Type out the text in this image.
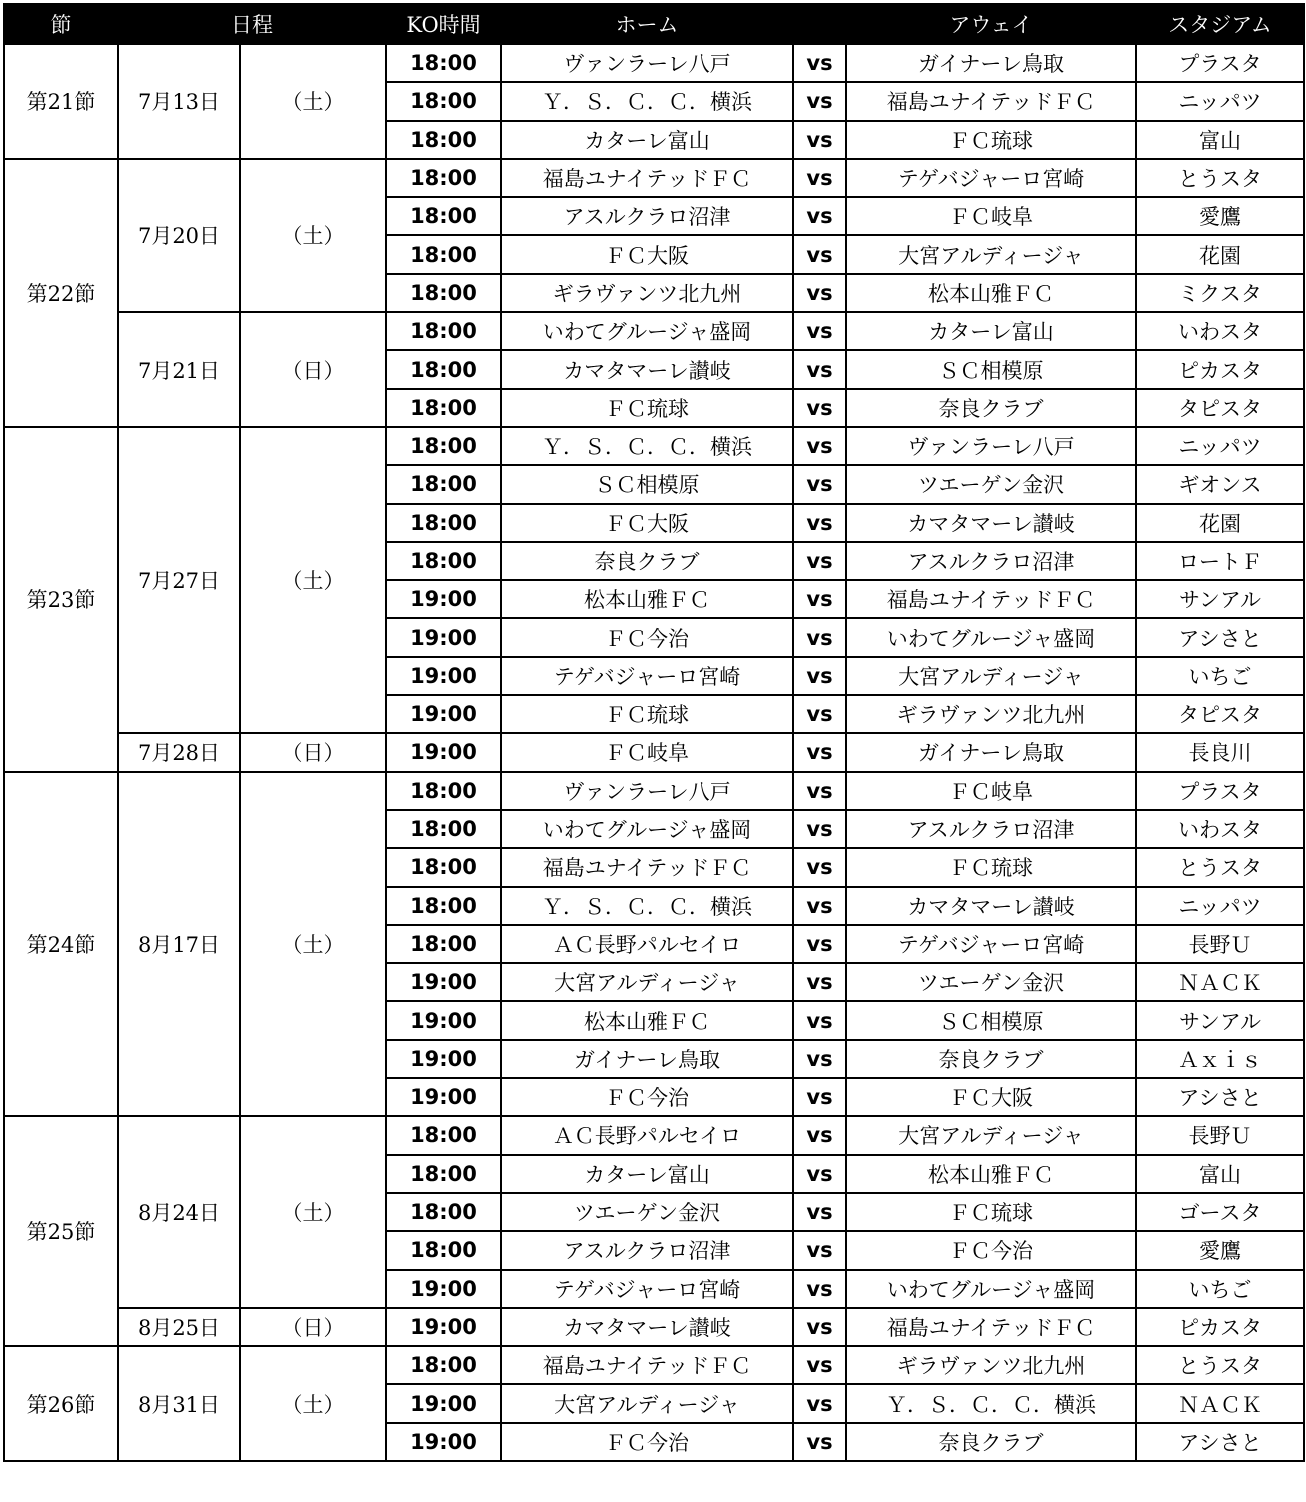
節	日程		KO時間	ホーム		アウェイ	スタジアム
第21節	7月13日	（土）	18:00	ヴァンラーレ八戸	vs	ガイナーレ鳥取	プラスタ
			18:00	Ｙ．Ｓ．Ｃ．Ｃ．横浜	vs	福島ユナイテッドＦＣ	ニッパツ
			18:00	カターレ富山	vs	ＦＣ琉球	富山
第22節	7月20日	（土）	18:00	福島ユナイテッドＦＣ	vs	テゲバジャーロ宮崎	とうスタ
			18:00	アスルクラロ沼津	vs	ＦＣ岐阜	愛鷹
			18:00	ＦＣ大阪	vs	大宮アルディージャ	花園
			18:00	ギラヴァンツ北九州	vs	松本山雅ＦＣ	ミクスタ
	7月21日	（日）	18:00	いわてグルージャ盛岡	vs	カターレ富山	いわスタ
			18:00	カマタマーレ讃岐	vs	ＳＣ相模原	ピカスタ
			18:00	ＦＣ琉球	vs	奈良クラブ	タピスタ
第23節	7月27日	（土）	18:00	Ｙ．Ｓ．Ｃ．Ｃ．横浜	vs	ヴァンラーレ八戸	ニッパツ
			18:00	ＳＣ相模原	vs	ツエーゲン金沢	ギオンス
			18:00	ＦＣ大阪	vs	カマタマーレ讃岐	花園
			18:00	奈良クラブ	vs	アスルクラロ沼津	ロートＦ
			19:00	松本山雅ＦＣ	vs	福島ユナイテッドＦＣ	サンアル
			19:00	ＦＣ今治	vs	いわてグルージャ盛岡	アシさと
			19:00	テゲバジャーロ宮崎	vs	大宮アルディージャ	いちご
			19:00	ＦＣ琉球	vs	ギラヴァンツ北九州	タピスタ
	7月28日	（日）	19:00	ＦＣ岐阜	vs	ガイナーレ鳥取	長良川
第24節	8月17日	（土）	18:00	ヴァンラーレ八戸	vs	ＦＣ岐阜	プラスタ
			18:00	いわてグルージャ盛岡	vs	アスルクラロ沼津	いわスタ
			18:00	福島ユナイテッドＦＣ	vs	ＦＣ琉球	とうスタ
			18:00	Ｙ．Ｓ．Ｃ．Ｃ．横浜	vs	カマタマーレ讃岐	ニッパツ
			18:00	ＡＣ長野パルセイロ	vs	テゲバジャーロ宮崎	長野Ｕ
			19:00	大宮アルディージャ	vs	ツエーゲン金沢	ＮＡＣＫ
			19:00	松本山雅ＦＣ	vs	ＳＣ相模原	サンアル
			19:00	ガイナーレ鳥取	vs	奈良クラブ	Ａｘｉｓ
			19:00	ＦＣ今治	vs	ＦＣ大阪	アシさと
第25節	8月24日	（土）	18:00	ＡＣ長野パルセイロ	vs	大宮アルディージャ	長野Ｕ
			18:00	カターレ富山	vs	松本山雅ＦＣ	富山
			18:00	ツエーゲン金沢	vs	ＦＣ琉球	ゴースタ
			18:00	アスルクラロ沼津	vs	ＦＣ今治	愛鷹
			19:00	テゲバジャーロ宮崎	vs	いわてグルージャ盛岡	いちご
	8月25日	（日）	19:00	カマタマーレ讃岐	vs	福島ユナイテッドＦＣ	ピカスタ
第26節	8月31日	（土）	18:00	福島ユナイテッドＦＣ	vs	ギラヴァンツ北九州	とうスタ
			19:00	大宮アルディージャ	vs	Ｙ．Ｓ．Ｃ．Ｃ．横浜	ＮＡＣＫ
			19:00	ＦＣ今治	vs	奈良クラブ	アシさと
